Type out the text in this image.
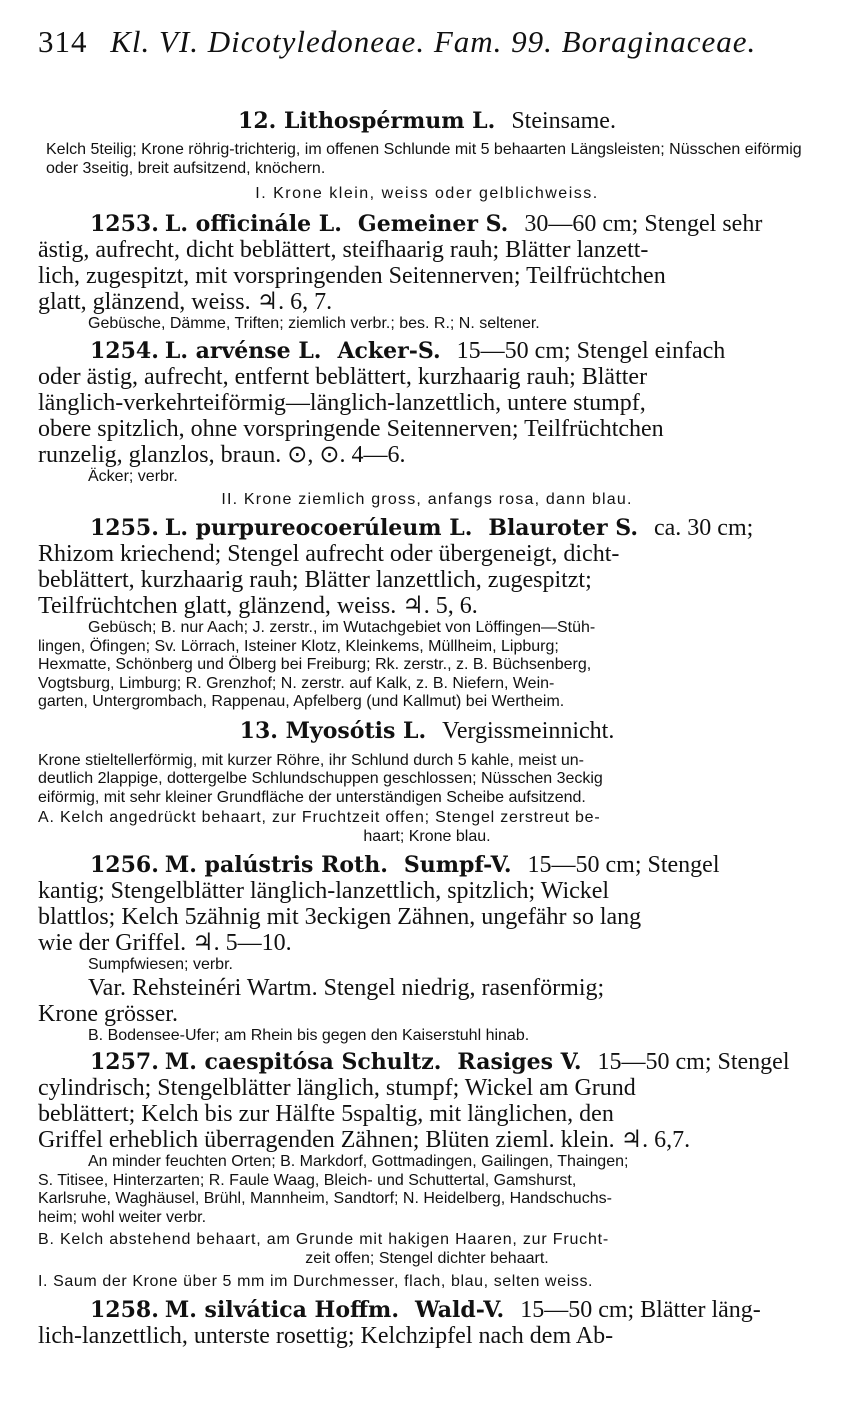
314 Kl. VI. Dicotyledoneae. Fam. 99. Boraginaceae.
12. Lithospérmum L. Steinsame.
Kelch 5teilig; Krone röhrig-trichterig, im offenen Schlunde mit 5 behaarten Längsleisten; Nüsschen eiförmig oder 3seitig, breit aufsitzend, knöchern.
I. Krone klein, weiss oder gelblichweiss.
1253. L. officinále L. Gemeiner S. 30—60 cm; Stengel sehr
ästig, aufrecht, dicht beblättert, steifhaarig rauh; Blätter lanzett-
lich, zugespitzt, mit vorspringenden Seitennerven; Teilfrüchtchen
glatt, glänzend, weiss. ♃. 6, 7.
Gebüsche, Dämme, Triften; ziemlich verbr.; bes. R.; N. seltener.
1254. L. arvénse L. Acker-S. 15—50 cm; Stengel einfach
oder ästig, aufrecht, entfernt beblättert, kurzhaarig rauh; Blätter
länglich-verkehrteiförmig—länglich-lanzettlich, untere stumpf,
obere spitzlich, ohne vorspringende Seitennerven; Teilfrüchtchen
runzelig, glanzlos, braun. ⊙, ⊙. 4—6.
Äcker; verbr.
II. Krone ziemlich gross, anfangs rosa, dann blau.
1255. L. purpureocoerúleum L. Blauroter S. ca. 30 cm;
Rhizom kriechend; Stengel aufrecht oder übergeneigt, dicht-
beblättert, kurzhaarig rauh; Blätter lanzettlich, zugespitzt;
Teilfrüchtchen glatt, glänzend, weiss. ♃. 5, 6.
Gebüsch; B. nur Aach; J. zerstr., im Wutachgebiet von Löffingen—Stüh-
lingen, Öfingen; Sv. Lörrach, Isteiner Klotz, Kleinkems, Müllheim, Lipburg;
Hexmatte, Schönberg und Ölberg bei Freiburg; Rk. zerstr., z. B. Büchsenberg,
Vogtsburg, Limburg; R. Grenzhof; N. zerstr. auf Kalk, z. B. Niefern, Wein-
garten, Untergrombach, Rappenau, Apfelberg (und Kallmut) bei Wertheim.
13. Myosótis L. Vergissmeinnicht.
Krone stieltellerförmig, mit kurzer Röhre, ihr Schlund durch 5 kahle, meist un-
deutlich 2lappige, dottergelbe Schlundschuppen geschlossen; Nüsschen 3eckig
eiförmig, mit sehr kleiner Grundfläche der unterständigen Scheibe aufsitzend.
A. Kelch angedrückt behaart, zur Fruchtzeit offen; Stengel zerstreut be-
haart; Krone blau.
1256. M. palústris Roth. Sumpf-V. 15—50 cm; Stengel
kantig; Stengelblätter länglich-lanzettlich, spitzlich; Wickel
blattlos; Kelch 5zähnig mit 3eckigen Zähnen, ungefähr so lang
wie der Griffel. ♃. 5—10.
Sumpfwiesen; verbr.
Var. Rehsteinéri Wartm. Stengel niedrig, rasenförmig;
Krone grösser.
B. Bodensee-Ufer; am Rhein bis gegen den Kaiserstuhl hinab.
1257. M. caespitósa Schultz. Rasiges V. 15—50 cm; Stengel
cylindrisch; Stengelblätter länglich, stumpf; Wickel am Grund
beblättert; Kelch bis zur Hälfte 5spaltig, mit länglichen, den
Griffel erheblich überragenden Zähnen; Blüten zieml. klein. ♃. 6,7.
An minder feuchten Orten; B. Markdorf, Gottmadingen, Gailingen, Thaingen;
S. Titisee, Hinterzarten; R. Faule Waag, Bleich- und Schuttertal, Gamshurst,
Karlsruhe, Waghäusel, Brühl, Mannheim, Sandtorf; N. Heidelberg, Handschuchs-
heim; wohl weiter verbr.
B. Kelch abstehend behaart, am Grunde mit hakigen Haaren, zur Frucht-
zeit offen; Stengel dichter behaart.
I. Saum der Krone über 5 mm im Durchmesser, flach, blau, selten weiss.
1258. M. silvática Hoffm. Wald-V. 15—50 cm; Blätter läng-
lich-lanzettlich, unterste rosettig; Kelchzipfel nach dem Ab-
